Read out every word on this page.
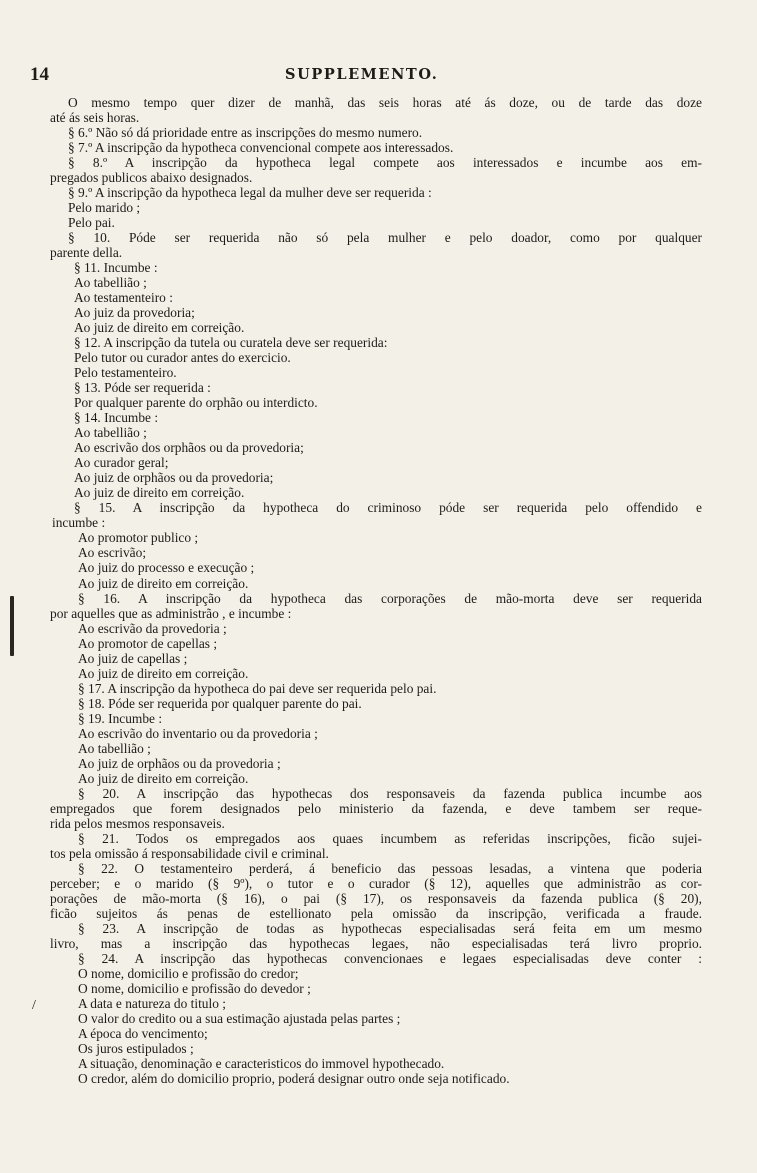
14	SUPPLEMENTO.
/
O mesmo tempo quer dizer de manhã, das seis horas até ás doze, ou de tarde das doze
até ás seis horas.
§ 6.º Não só dá prioridade entre as inscripções do mesmo numero.
§ 7.º A inscripção da hypotheca convencional compete aos interessados.
§ 8.º A inscripção da hypotheca legal compete aos interessados e incumbe aos em-
pregados publicos abaixo designados.
§ 9.º A inscripção da hypotheca legal da mulher deve ser requerida :
Pelo marido ;
Pelo pai.
§ 10. Póde ser requerida não só pela mulher e pelo doador, como por qualquer
parente della.
§ 11. Incumbe :
Ao tabellião ;
Ao testamenteiro :
Ao juiz da provedoria;
Ao juiz de direito em correição.
§ 12. A inscripção da tutela ou curatela deve ser requerida:
Pelo tutor ou curador antes do exercicio.
Pelo testamenteiro.
§ 13. Póde ser requerida :
Por qualquer parente do orphão ou interdicto.
§ 14. Incumbe :
Ao tabellião ;
Ao escrivão dos orphãos ou da provedoria;
Ao curador geral;
Ao juiz de orphãos ou da provedoria;
Ao juiz de direito em correição.
§ 15. A inscripção da hypotheca do criminoso póde ser requerida pelo offendido e
incumbe :
Ao promotor publico ;
Ao escrivão;
Ao juiz do processo e execução ;
Ao juiz de direito em correição.
§ 16. A inscripção da hypotheca das corporações de mão-morta deve ser requerida
por aquelles que as administrão , e incumbe :
Ao escrivão da provedoria ;
Ao promotor de capellas ;
Ao juiz de capellas ;
Ao juiz de direito em correição.
§ 17. A inscripção da hypotheca do pai deve ser requerida pelo pai.
§ 18. Póde ser requerida por qualquer parente do pai.
§ 19. Incumbe :
Ao escrivão do inventario ou da provedoria ;
Ao tabellião ;
Ao juiz de orphãos ou da provedoria ;
Ao juiz de direito em correição.
§ 20. A inscripção das hypothecas dos responsaveis da fazenda publica incumbe aos
empregados que forem designados pelo ministerio da fazenda, e deve tambem ser reque-
rida pelos mesmos responsaveis.
§ 21. Todos os empregados aos quaes incumbem as referidas inscripções, ficão sujei-
tos pela omissão á responsabilidade civil e criminal.
§ 22. O testamenteiro perderá, á beneficio das pessoas lesadas, a vintena que poderia
perceber; e o marido (§ 9º), o tutor e o curador (§ 12), aquelles que administrão as cor-
porações de mão-morta (§ 16), o pai (§ 17), os responsaveis da fazenda publica (§ 20),
ficão sujeitos ás penas de estellionato pela omissão da inscripção, verificada a fraude.
§ 23. A inscripção de todas as hypothecas especialisadas será feita em um mesmo
livro, mas a inscripção das hypothecas legaes, não especialisadas terá livro proprio.
§ 24. A inscripção das hypothecas convencionaes e legaes especialisadas deve conter :
O nome, domicilio e profissão do credor;
O nome, domicilio e profissão do devedor ;
A data e natureza do titulo ;
O valor do credito ou a sua estimação ajustada pelas partes ;
A época do vencimento;
Os juros estipulados ;
A situação, denominação e caracteristicos do immovel hypothecado.
O credor, além do domicilio proprio, poderá designar outro onde seja notificado.
